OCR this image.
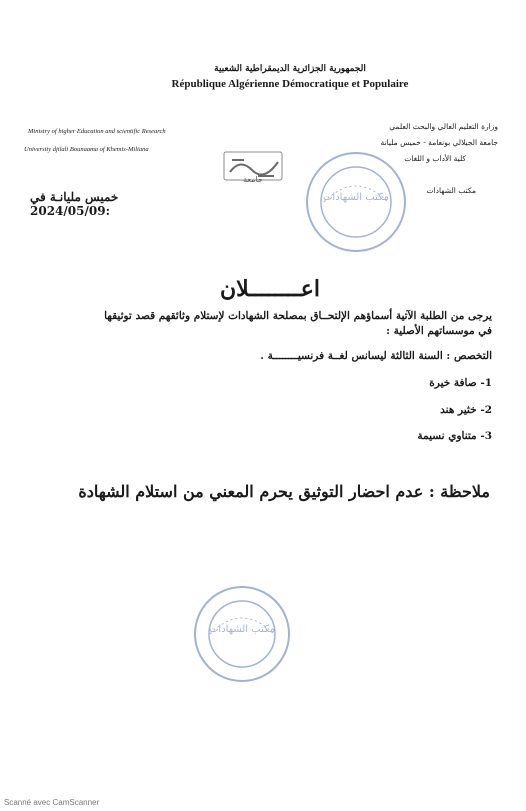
الجمهورية الجزائرية الديمقراطية الشعبية
République Algérienne Démocratique et Populaire
Ministry of higher Education and scientific Research
University djilali Bounaama of Khemis-Miliana
وزارة التعليم العالي والبحث العلمي
جامعة الجيلالي بونعامة - خميس مليانة
كلية الأداب و اللغات
مكتب الشهادات
جامعة
خميس مليانـة في :2024/05/09
مكتب الشهادات
اعــــــــلان
يرجى من الطلبة الآتية أسماؤهم الإلتحــاق بمصلحة الشهادات لإستلام وثائقهم قصد توثيقها
في موسساتهم الأصلية :
التخصص : السنة الثالثة ليسانس لغــة فرنسيــــــــة .
1- صافة خيرة
2- خثير هند
3- متناوي نسيمة
ملاحظة : عدم احضار التوثيق يحرم المعني من استلام الشهادة
مكتب الشهادات
Scanné avec CamScanner
